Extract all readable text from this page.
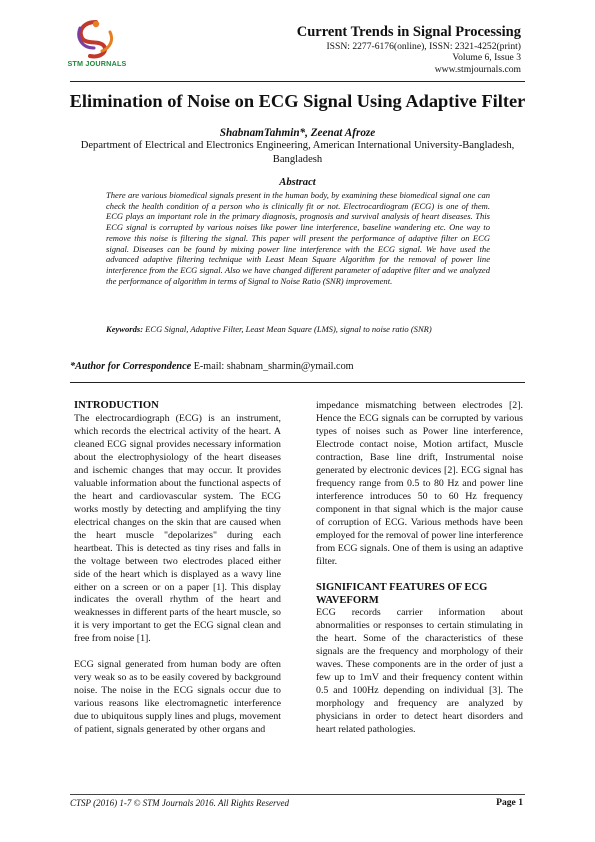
STM JOURNALS
Current Trends in Signal Processing
ISSN: 2277-6176(online), ISSN: 2321-4252(print)
Volume 6, Issue 3
www.stmjournals.com
Elimination of Noise on ECG Signal Using Adaptive Filter
ShabnamTahmin*, Zeenat Afroze
Department of Electrical and Electronics Engineering, American International University-Bangladesh, Bangladesh
Abstract
There are various biomedical signals present in the human body, by examining these biomedical signal one can check the health condition of a person who is clinically fit or not. Electrocardiogram (ECG) is one of them. ECG plays an important role in the primary diagnosis, prognosis and survival analysis of heart diseases. This ECG signal is corrupted by various noises like power line interference, baseline wandering etc. One way to remove this noise is filtering the signal. This paper will present the performance of adaptive filter on ECG signal. Diseases can be found by mixing power line interference with the ECG signal. We have used the advanced adaptive filtering technique with Least Mean Square Algorithm for the removal of power line interference from the ECG signal. Also we have changed different parameter of adaptive filter and we analyzed the performance of algorithm in terms of Signal to Noise Ratio (SNR) improvement.
Keywords: ECG Signal, Adaptive Filter, Least Mean Square (LMS), signal to noise ratio (SNR)
*Author for Correspondence E-mail: shabnam_sharmin@ymail.com
INTRODUCTION

The electrocardiograph (ECG) is an instrument, which records the electrical activity of the heart. A cleaned ECG signal provides necessary information about the electrophysiology of the heart diseases and ischemic changes that may occur. It provides valuable information about the functional aspects of the heart and cardiovascular system. The ECG works mostly by detecting and amplifying the tiny electrical changes on the skin that are caused when the heart muscle "depolarizes" during each heartbeat. This is detected as tiny rises and falls in the voltage between two electrodes placed either side of the heart which is displayed as a wavy line either on a screen or on a paper [1]. This display indicates the overall rhythm of the heart and weaknesses in different parts of the heart muscle, so it is very important to get the ECG signal clean and free from noise [1].

ECG signal generated from human body are often very weak so as to be easily covered by background noise. The noise in the ECG signals occur due to various reasons like electromagnetic interference due to ubiquitous supply lines and plugs, movement of patient, signals generated by other organs and

impedance mismatching between electrodes [2]. Hence the ECG signals can be corrupted by various types of noises such as Power line interference, Electrode contact noise, Motion artifact, Muscle contraction, Base line drift, Instrumental noise generated by electronic devices [2]. ECG signal has frequency range from 0.5 to 80 Hz and power line interference introduces 50 to 60 Hz frequency component in that signal which is the major cause of corruption of ECG. Various methods have been employed for the removal of power line interference from ECG signals. One of them is using an adaptive filter.

SIGNIFICANT FEATURES OF ECG WAVEFORM

ECG records carrier information about abnormalities or responses to certain stimulating in the heart. Some of the characteristics of these signals are the frequency and morphology of their waves. These components are in the order of just a few up to 1mV and their frequency content within 0.5 and 100Hz depending on individual [3]. The morphology and frequency are analyzed by physicians in order to detect heart disorders and heart related pathologies.

CTSP (2016) 1-7 © STM Journals 2016. All Rights Reserved	Page 1
